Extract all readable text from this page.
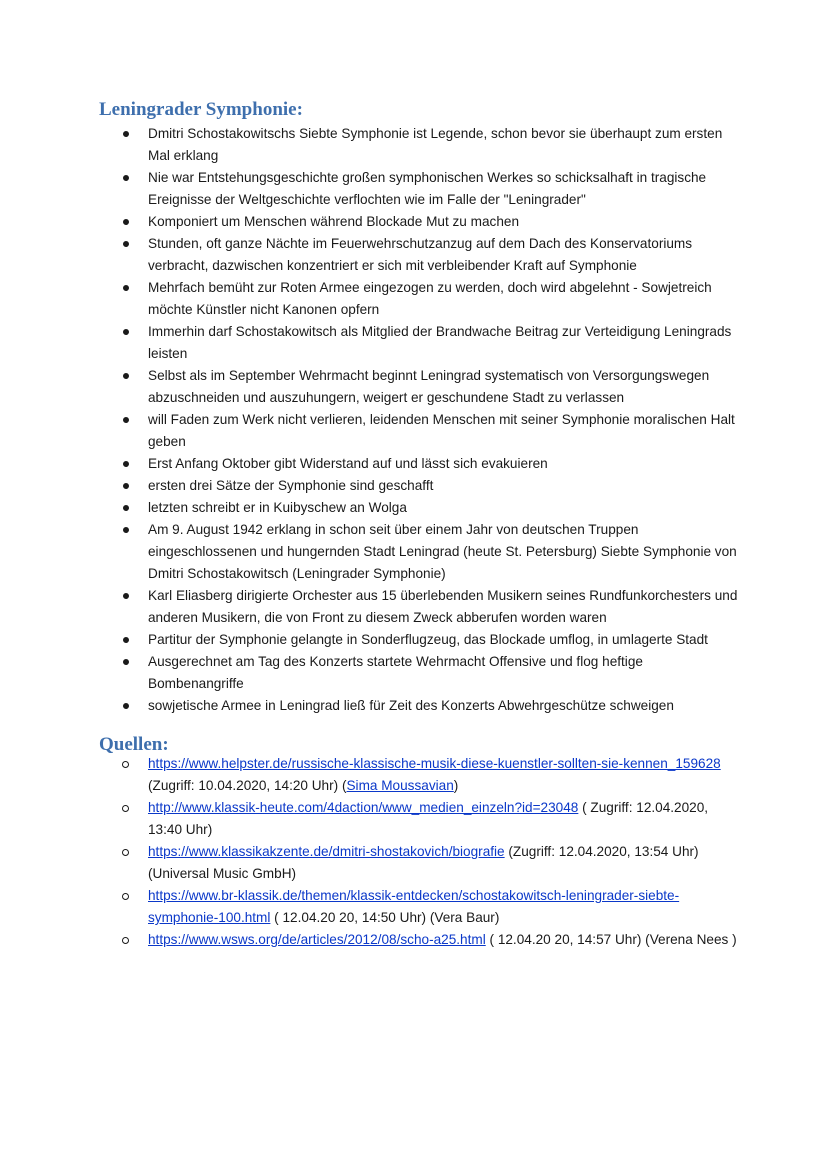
Leningrader Symphonie:
Dmitri Schostakowitschs Siebte Symphonie ist Legende, schon bevor sie überhaupt zum ersten Mal erklang
Nie war Entstehungsgeschichte großen symphonischen Werkes so schicksalhaft in tragische Ereignisse der Weltgeschichte verflochten wie im Falle der "Leningrader"
Komponiert um Menschen während Blockade Mut zu machen
Stunden, oft ganze Nächte im Feuerwehrschutzanzug auf dem Dach des Konservatoriums verbracht, dazwischen konzentriert er sich mit verbleibender Kraft auf Symphonie
Mehrfach bemüht zur Roten Armee eingezogen zu werden, doch wird abgelehnt - Sowjetreich möchte Künstler nicht Kanonen opfern
Immerhin darf Schostakowitsch als Mitglied der Brandwache Beitrag zur Verteidigung Leningrads leisten
Selbst als im September Wehrmacht beginnt Leningrad systematisch von Versorgungswegen abzuschneiden und auszuhungern, weigert er geschundene Stadt zu verlassen
will Faden zum Werk nicht verlieren, leidenden Menschen mit seiner Symphonie moralischen Halt geben
Erst Anfang Oktober gibt Widerstand auf und lässt sich evakuieren
ersten drei Sätze der Symphonie sind geschafft
letzten schreibt er in Kuibyschew an Wolga
Am 9. August 1942 erklang in schon seit über einem Jahr von deutschen Truppen eingeschlossenen und hungernden Stadt Leningrad (heute St. Petersburg) Siebte Symphonie von Dmitri Schostakowitsch (Leningrader Symphonie)
Karl Eliasberg dirigierte Orchester aus 15 überlebenden Musikern seines Rundfunkorchesters und anderen Musikern, die von Front zu diesem Zweck abberufen worden waren
Partitur der Symphonie gelangte in Sonderflugzeug, das Blockade umflog, in umlagerte Stadt
Ausgerechnet am Tag des Konzerts startete Wehrmacht Offensive und flog heftige Bombenangriffe
sowjetische Armee in Leningrad ließ für Zeit des Konzerts Abwehrgeschütze schweigen
Quellen:
https://www.helpster.de/russische-klassische-musik-diese-kuenstler-sollten-sie-kennen_159628 (Zugriff: 10.04.2020, 14:20 Uhr) (Sima Moussavian)
http://www.klassik-heute.com/4daction/www_medien_einzeln?id=23048 ( Zugriff: 12.04.2020, 13:40 Uhr)
https://www.klassikakzente.de/dmitri-shostakovich/biografie (Zugriff: 12.04.2020, 13:54 Uhr) (Universal Music GmbH)
https://www.br-klassik.de/themen/klassik-entdecken/schostakowitsch-leningrader-siebte-symphonie-100.html ( 12.04.20 20, 14:50 Uhr) (Vera Baur)
https://www.wsws.org/de/articles/2012/08/scho-a25.html ( 12.04.20 20, 14:57 Uhr) (Verena Nees )
